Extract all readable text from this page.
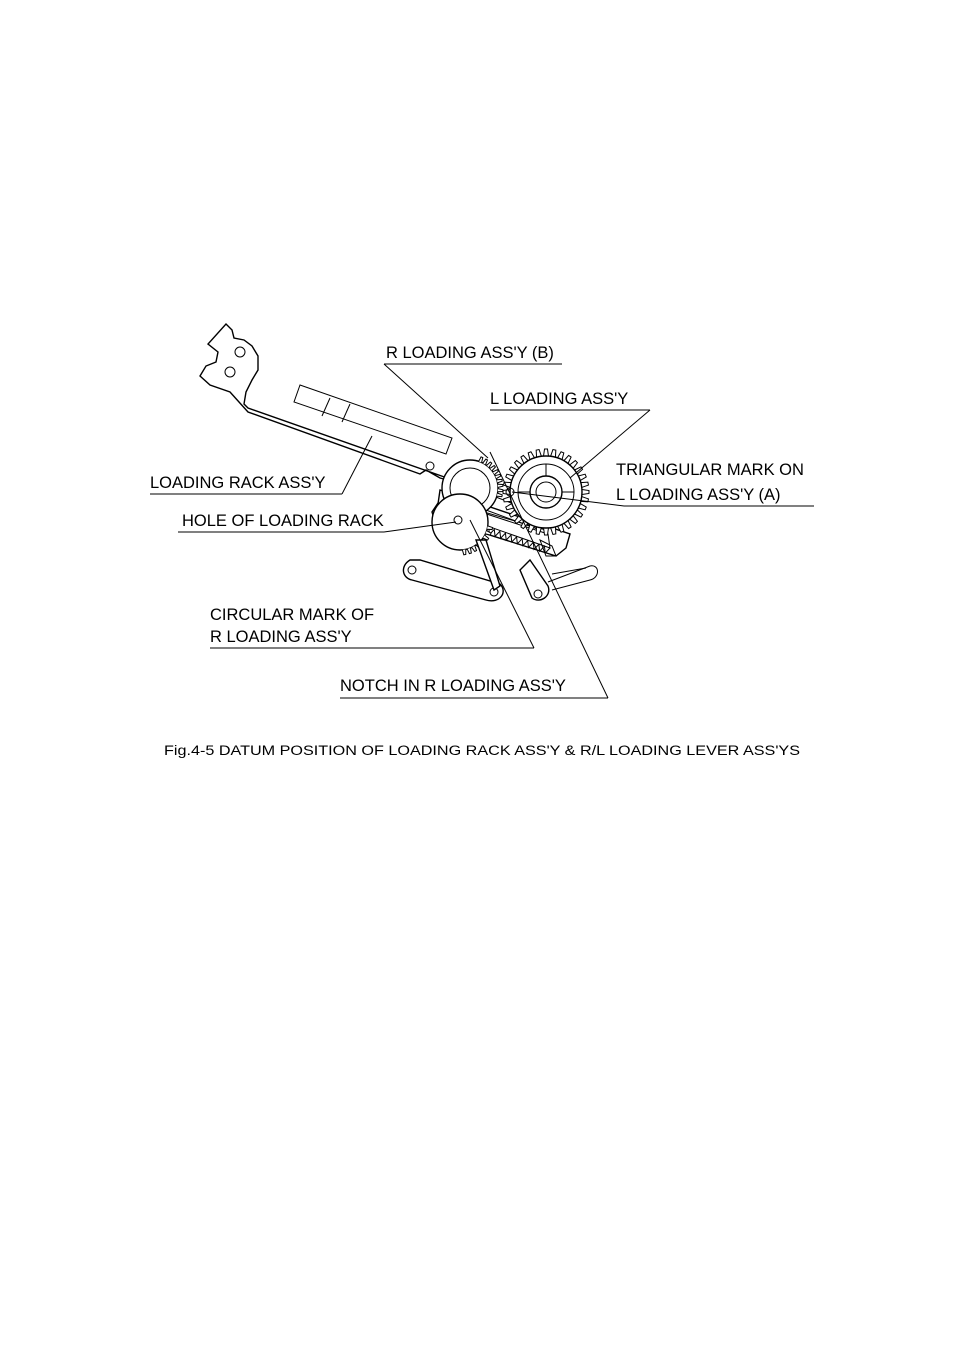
R LOADING ASS'Y (B)
L LOADING ASS'Y
TRIANGULAR MARK ON
L LOADING ASS'Y (A)
LOADING RACK ASS'Y
HOLE OF LOADING RACK
CIRCULAR MARK OF
R LOADING ASS'Y
NOTCH IN R LOADING ASS'Y
Fig.4-5 DATUM POSITION OF LOADING RACK ASS'Y & R/L LOADING LEVER ASS'YS
